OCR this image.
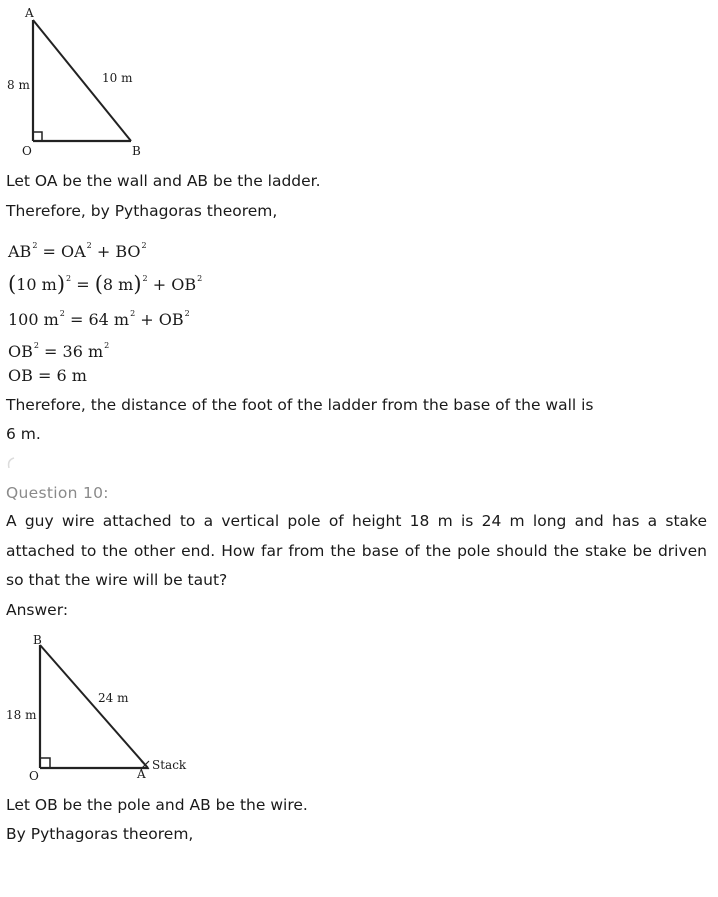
A
O	B
8 m	10 m

Let OA be the wall and AB be the ladder.

Therefore, by Pythagoras theorem,

$AB^2 = OA^2 + BO^2$
(10 m)$^2$ = (8 $m)^2 + OB^2$
100 $m^2 = 64$ $m^2 + OB^2$
$OB^2 = 36$ $m^2$
OB = 6 m

Therefore, the distance of the foot of the ladder from the base of the wall is

6 m.

Question 10:

A guy wire attached to a vertical pole of height 18 m is 24 m long and has a stake attached to the other end. How far from the base of the pole should the stake be driven so that the wire will be taut?

Answer:

B
O	A
18 m
24 m
Stack

Let OB be the pole and AB be the wire.

By Pythagoras theorem,
